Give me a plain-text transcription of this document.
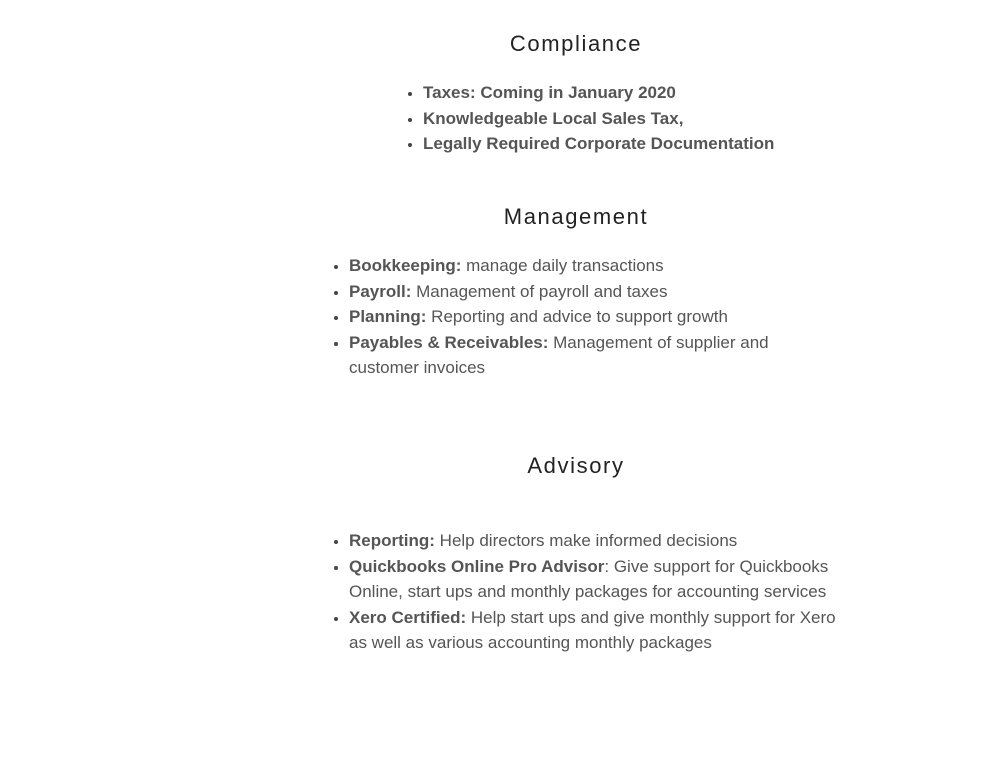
Compliance
• Taxes: Coming in January 2020
• Knowledgeable Local Sales Tax,
• Legally Required Corporate Documentation
Management
• Bookkeeping: manage daily transactions
• Payroll: Management of payroll and taxes
• Planning: Reporting and advice to support growth
• Payables & Receivables: Management of supplier and customer invoices
Advisory
• Reporting: Help directors make informed decisions
• Quickbooks Online Pro Advisor: Give support for Quickbooks Online, start ups and monthly packages for accounting services
• Xero Certified: Help start ups and give monthly support for Xero as well as various accounting monthly packages
